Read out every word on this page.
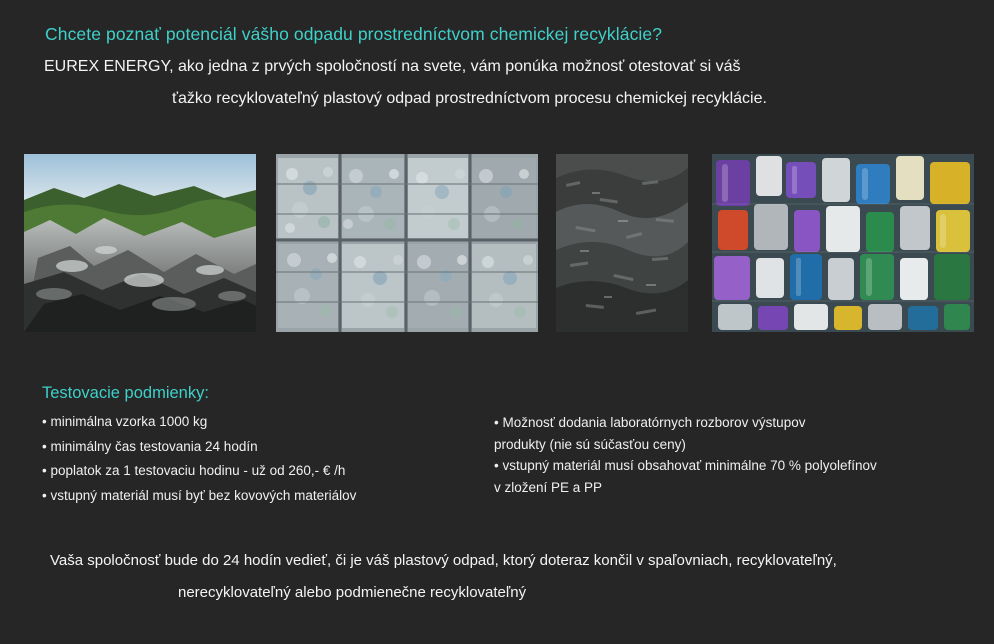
Chcete poznať potenciál vášho odpadu prostredníctvom chemickej recyklácie?
EUREX ENERGY, ako jedna z prvých spoločností na svete, vám ponúka možnosť otestovať si váš
ťažko recyklovateľný plastový odpad prostredníctvom procesu chemickej recyklácie.
Testovacie podmienky:
• minimálna vzorka 1000 kg
• minimálny čas testovania 24 hodín
• poplatok za 1 testovaciu hodinu - už od 260,- € /h
• vstupný materiál musí byť bez kovových materiálov
• Možnosť dodania laboratórnych rozborov výstupov
produkty (nie sú súčasťou ceny)
• vstupný materiál musí obsahovať minimálne 70 % polyolefínov
v zložení PE a PP
Vaša spoločnosť bude do 24 hodín vedieť, či je váš plastový odpad, ktorý doteraz končil v spaľovniach, recyklovateľný,
nerecyklovateľný alebo podmienečne recyklovateľný
